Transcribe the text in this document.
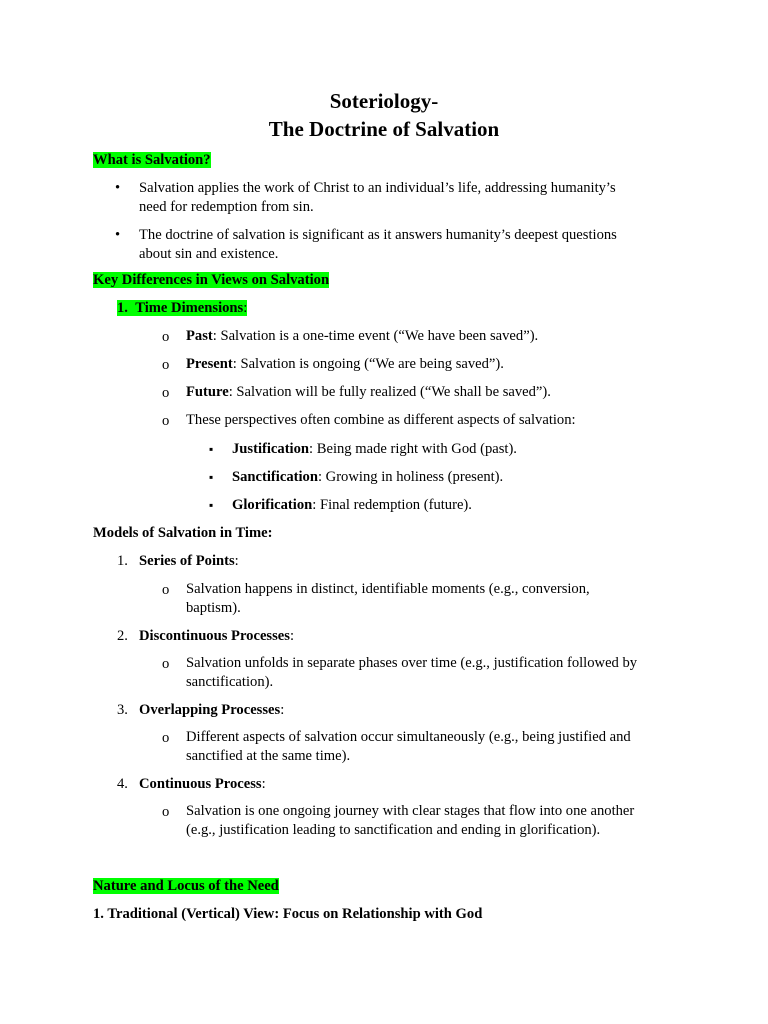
Soteriology-
The Doctrine of Salvation
What is Salvation?
• Salvation applies the work of Christ to an individual’s life, addressing humanity’s
need for redemption from sin.
• The doctrine of salvation is significant as it answers humanity’s deepest questions
about sin and existence.
Key Differences in Views on Salvation
1. Time Dimensions:
o Past: Salvation is a one-time event (“We have been saved”).
o Present: Salvation is ongoing (“We are being saved”).
o Future: Salvation will be fully realized (“We shall be saved”).
o These perspectives often combine as different aspects of salvation:
▪ Justification: Being made right with God (past).
▪ Sanctification: Growing in holiness (present).
▪ Glorification: Final redemption (future).
Models of Salvation in Time:
1. Series of Points:
o Salvation happens in distinct, identifiable moments (e.g., conversion,
baptism).
2. Discontinuous Processes:
o Salvation unfolds in separate phases over time (e.g., justification followed by
sanctification).
3. Overlapping Processes:
o Different aspects of salvation occur simultaneously (e.g., being justified and
sanctified at the same time).
4. Continuous Process:
o Salvation is one ongoing journey with clear stages that flow into one another
(e.g., justification leading to sanctification and ending in glorification).
Nature and Locus of the Need
1. Traditional (Vertical) View: Focus on Relationship with God
